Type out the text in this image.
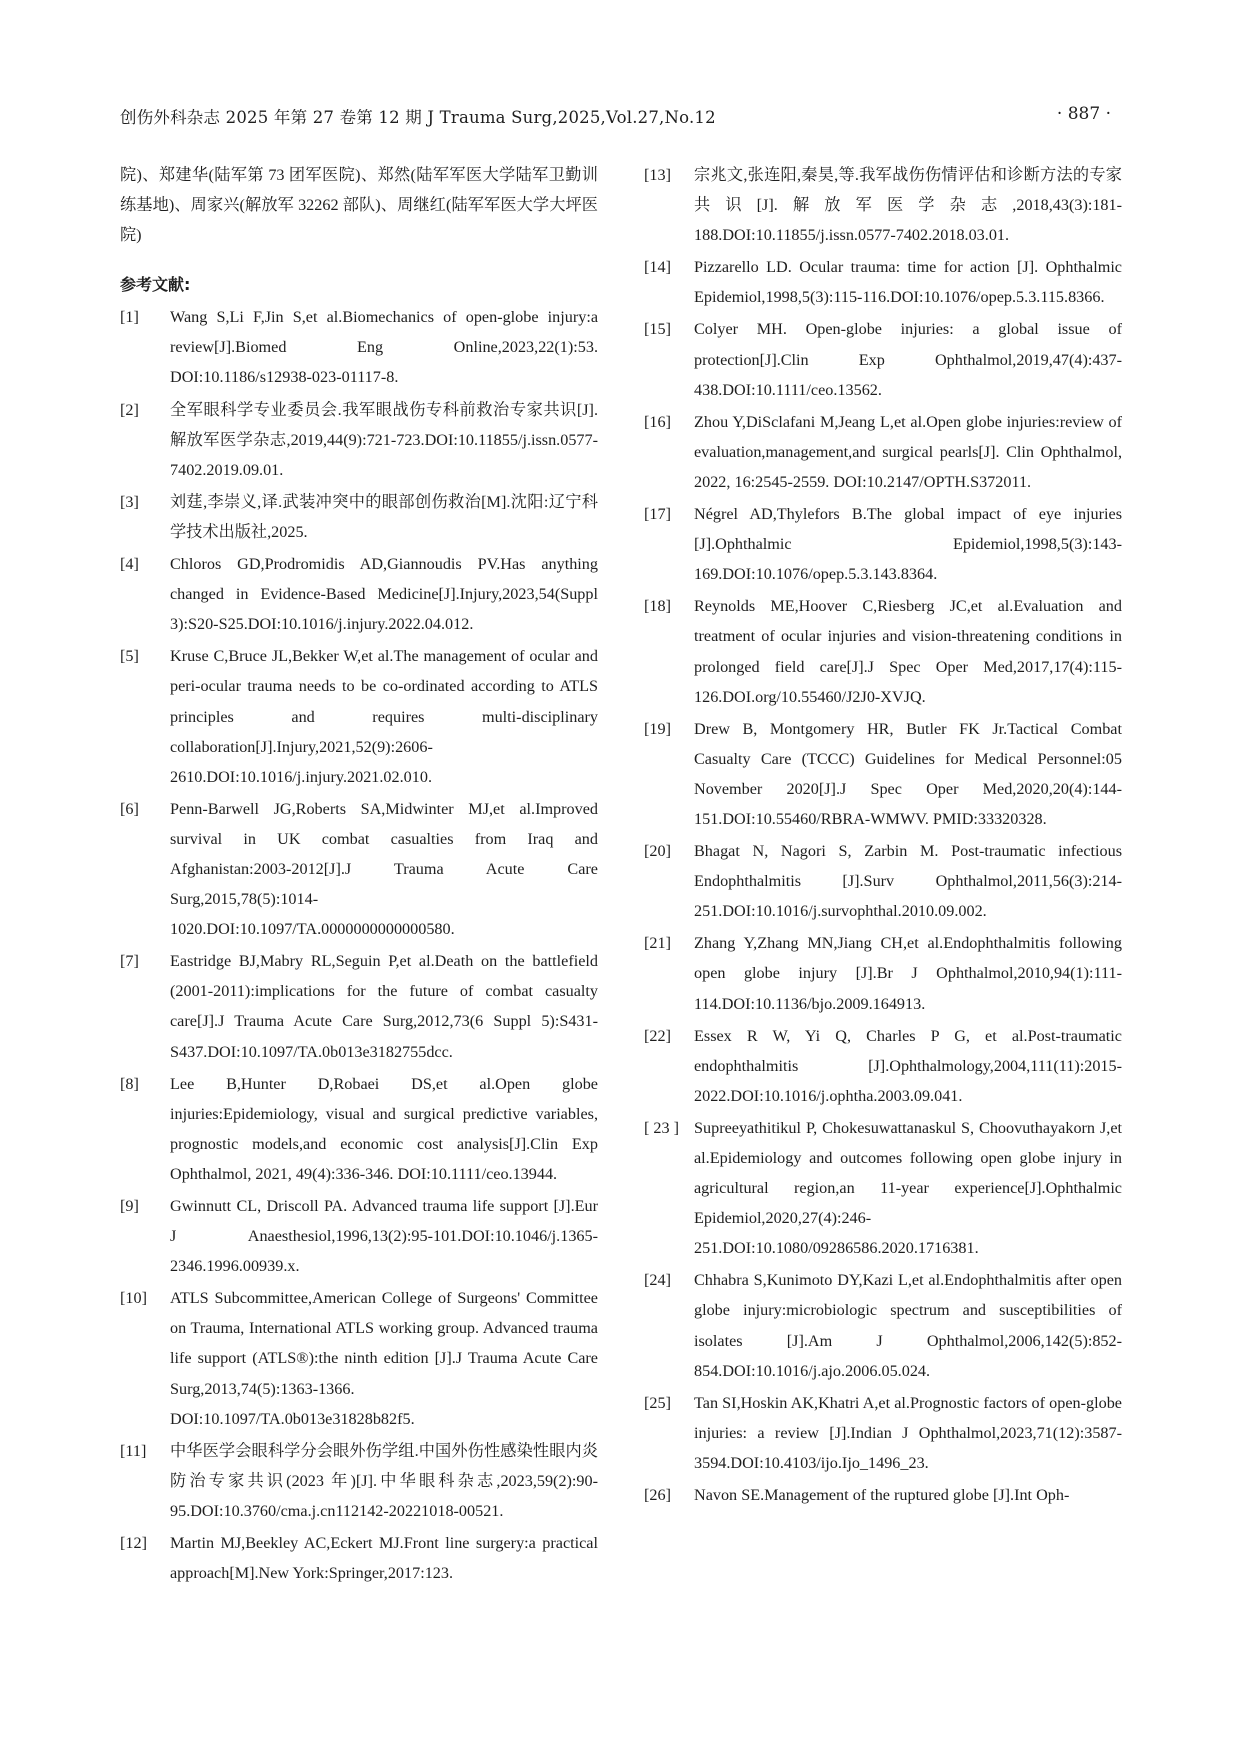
创伤外科杂志 2025 年第 27 卷第 12 期 J Trauma Surg,2025,Vol.27,No.12	· 887 ·

院)、郑建华(陆军第 73 团军医院)、郑然(陆军军医大学陆军卫勤训练基地)、周家兴(解放军 32262 部队)、周继红(陆军军医大学大坪医院)

参考文献:
[1]	Wang S,Li F,Jin S,et al.Biomechanics of open-globe injury:a review[J].Biomed Eng Online,2023,22(1):53. DOI:10.1186/s12938-023-01117-8.
[2]	全军眼科学专业委员会.我军眼战伤专科前救治专家共识[J].解放军医学杂志,2019,44(9):721-723.DOI:10.11855/j.issn.0577-7402.2019.09.01.
[3]	刘莛,李崇义,译.武装冲突中的眼部创伤救治[M].沈阳:辽宁科学技术出版社,2025.
[4]	Chloros GD,Prodromidis AD,Giannoudis PV.Has anything changed in Evidence-Based Medicine[J].Injury,2023,54(Suppl 3):S20-S25.DOI:10.1016/j.injury.2022.04.012.
[5]	Kruse C,Bruce JL,Bekker W,et al.The management of ocular and peri-ocular trauma needs to be co-ordinated according to ATLS principles and requires multi-disciplinary collaboration[J].Injury,2021,52(9):2606-2610.DOI:10.1016/j.injury.2021.02.010.
[6]	Penn-Barwell JG,Roberts SA,Midwinter MJ,et al.Improved survival in UK combat casualties from Iraq and Afghanistan:2003-2012[J].J Trauma Acute Care Surg,2015,78(5):1014-1020.DOI:10.1097/TA.0000000000000580.
[7]	Eastridge BJ,Mabry RL,Seguin P,et al.Death on the battlefield (2001-2011):implications for the future of combat casualty care[J].J Trauma Acute Care Surg,2012,73(6 Suppl 5):S431-S437.DOI:10.1097/TA.0b013e3182755dcc.
[8]	Lee B,Hunter D,Robaei DS,et al.Open globe injuries:Epidemiology, visual and surgical predictive variables, prognostic models,and economic cost analysis[J].Clin Exp Ophthalmol, 2021, 49(4):336-346. DOI:10.1111/ceo.13944.
[9]	Gwinnutt CL, Driscoll PA. Advanced trauma life support [J].Eur J Anaesthesiol,1996,13(2):95-101.DOI:10.1046/j.1365-2346.1996.00939.x.
[10]	ATLS Subcommittee,American College of Surgeons' Committee on Trauma, International ATLS working group. Advanced trauma life support (ATLS®):the ninth edition [J].J Trauma Acute Care Surg,2013,74(5):1363-1366. DOI:10.1097/TA.0b013e31828b82f5.
[11]	中华医学会眼科学分会眼外伤学组.中国外伤性感染性眼内炎防治专家共识(2023 年)[J].中华眼科杂志,2023,59(2):90-95.DOI:10.3760/cma.j.cn112142-20221018-00521.
[12]	Martin MJ,Beekley AC,Eckert MJ.Front line surgery:a practical approach[M].New York:Springer,2017:123.
[13]	宗兆文,张连阳,秦昊,等.我军战伤伤情评估和诊断方法的专家共识[J].解放军医学杂志,2018,43(3):181-188.DOI:10.11855/j.issn.0577-7402.2018.03.01.
[14]	Pizzarello LD. Ocular trauma: time for action [J]. Ophthalmic Epidemiol,1998,5(3):115-116.DOI:10.1076/opep.5.3.115.8366.
[15]	Colyer MH. Open-globe injuries: a global issue of protection[J].Clin Exp Ophthalmol,2019,47(4):437-438.DOI:10.1111/ceo.13562.
[16]	Zhou Y,DiSclafani M,Jeang L,et al.Open globe injuries:review of evaluation,management,and surgical pearls[J]. Clin Ophthalmol, 2022, 16:2545-2559. DOI:10.2147/OPTH.S372011.
[17]	Négrel AD,Thylefors B.The global impact of eye injuries [J].Ophthalmic Epidemiol,1998,5(3):143-169.DOI:10.1076/opep.5.3.143.8364.
[18]	Reynolds ME,Hoover C,Riesberg JC,et al.Evaluation and treatment of ocular injuries and vision-threatening conditions in prolonged field care[J].J Spec Oper Med,2017,17(4):115-126.DOI.org/10.55460/J2J0-XVJQ.
[19]	Drew B, Montgomery HR, Butler FK Jr.Tactical Combat Casualty Care (TCCC) Guidelines for Medical Personnel:05 November 2020[J].J Spec Oper Med,2020,20(4):144-151.DOI:10.55460/RBRA-WMWV. PMID:33320328.
[20]	Bhagat N, Nagori S, Zarbin M. Post-traumatic infectious Endophthalmitis [J].Surv Ophthalmol,2011,56(3):214-251.DOI:10.1016/j.survophthal.2010.09.002.
[21]	Zhang Y,Zhang MN,Jiang CH,et al.Endophthalmitis following open globe injury [J].Br J Ophthalmol,2010,94(1):111-114.DOI:10.1136/bjo.2009.164913.
[22]	Essex R W, Yi Q, Charles P G, et al.Post-traumatic endophthalmitis [J].Ophthalmology,2004,111(11):2015-2022.DOI:10.1016/j.ophtha.2003.09.041.
[ 23 ] Supreeyathitikul P, Chokesuwattanaskul S, Choovuthayakorn J,et al.Epidemiology and outcomes following open globe injury in agricultural region,an 11-year experience[J].Ophthalmic Epidemiol,2020,27(4):246-251.DOI:10.1080/09286586.2020.1716381.
[24]	Chhabra S,Kunimoto DY,Kazi L,et al.Endophthalmitis after open globe injury:microbiologic spectrum and susceptibilities of isolates [J].Am J Ophthalmol,2006,142(5):852-854.DOI:10.1016/j.ajo.2006.05.024.
[25]	Tan SI,Hoskin AK,Khatri A,et al.Prognostic factors of open-globe injuries: a review [J].Indian J Ophthalmol,2023,71(12):3587-3594.DOI:10.4103/ijo.Ijo_1496_23.
[26]	Navon SE.Management of the ruptured globe [J].Int Oph-
